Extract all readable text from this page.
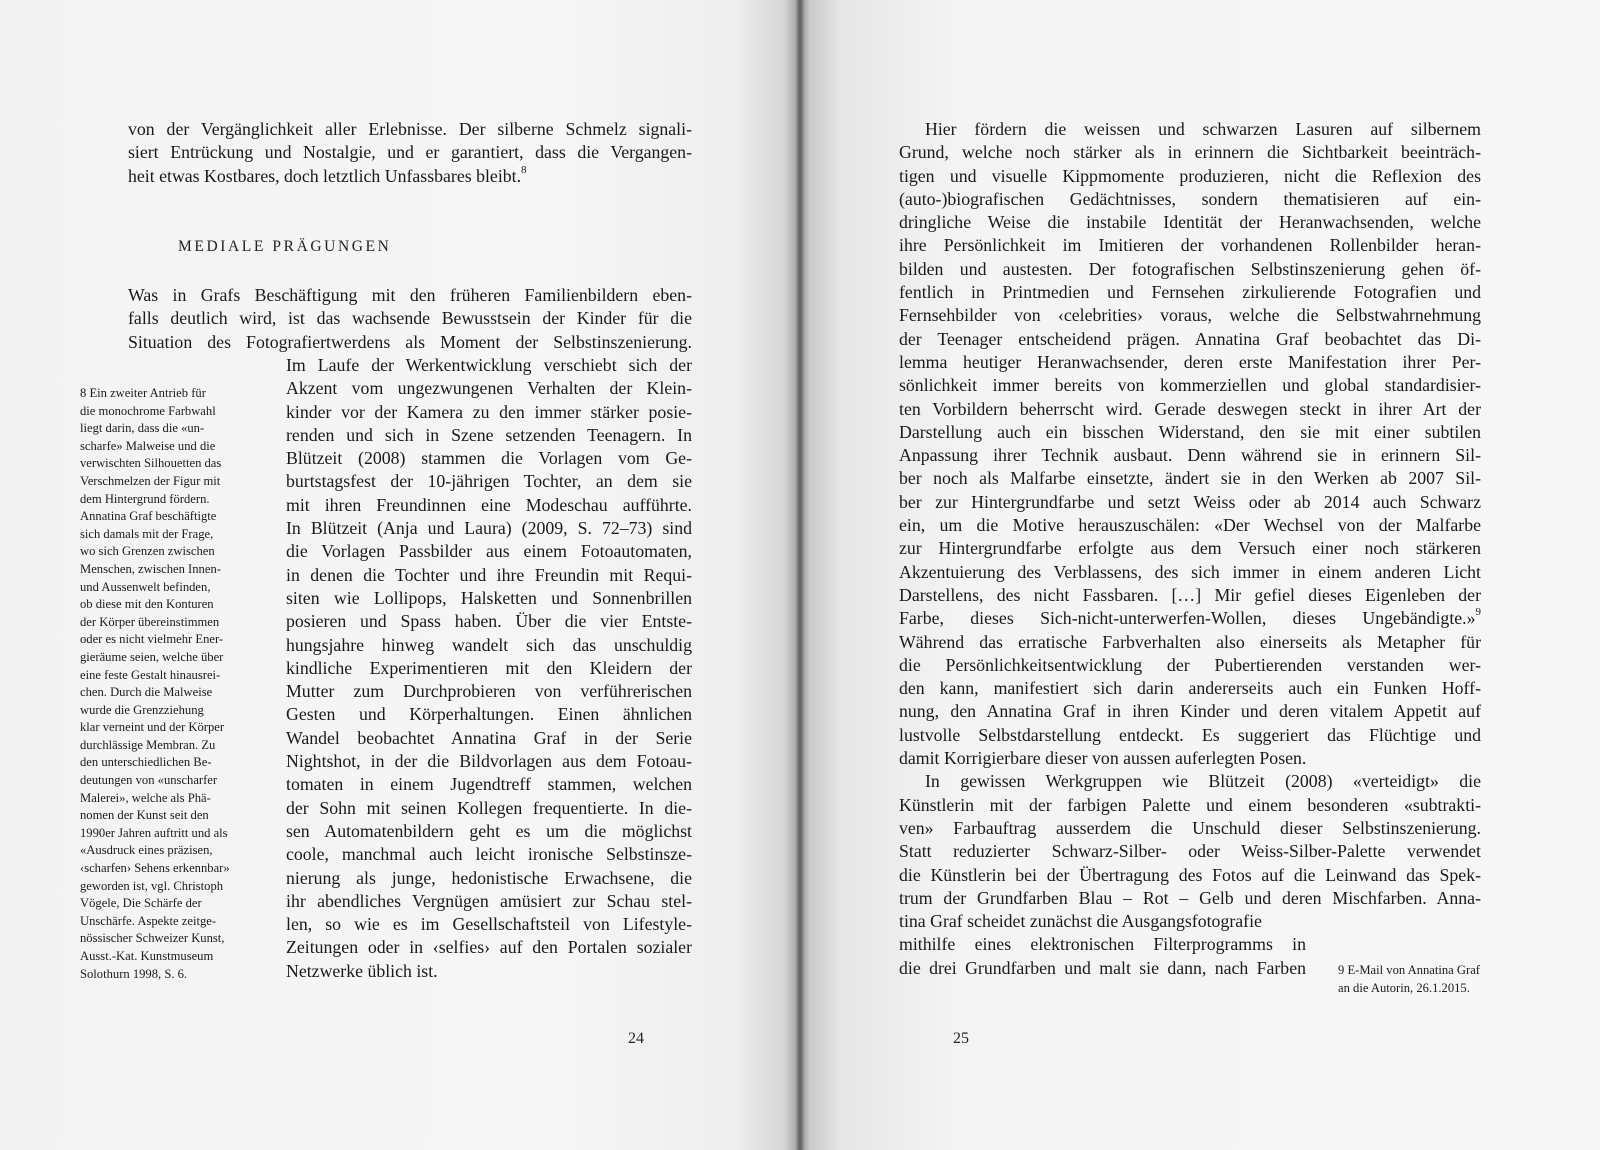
von der Vergänglichkeit aller Erlebnisse. Der silberne Schmelz signali-
siert Entrückung und Nostalgie, und er garantiert, dass die Vergangen-
heit etwas Kostbares, doch letztlich Unfassbares bleibt.$^8$
MEDIALE PRÄGUNGEN
Was in Grafs Beschäftigung mit den früheren Familienbildern eben-
falls deutlich wird, ist das wachsende Bewusstsein der Kinder für die
Situation des Fotografiertwerdens als Moment der Selbstinszenierung.
Im Laufe der Werkentwicklung verschiebt sich der
Akzent vom ungezwungenen Verhalten der Klein-
kinder vor der Kamera zu den immer stärker posie-
renden und sich in Szene setzenden Teenagern. In
Blützeit (2008) stammen die Vorlagen vom Ge-
burtstagsfest der 10-jährigen Tochter, an dem sie
mit ihren Freundinnen eine Modeschau aufführte.
In Blützeit (Anja und Laura) (2009, S. 72–73) sind
die Vorlagen Passbilder aus einem Fotoautomaten,
in denen die Tochter und ihre Freundin mit Requi-
siten wie Lollipops, Halsketten und Sonnenbrillen
posieren und Spass haben. Über die vier Entste-
hungsjahre hinweg wandelt sich das unschuldig
kindliche Experimentieren mit den Kleidern der
Mutter zum Durchprobieren von verführerischen
Gesten und Körperhaltungen. Einen ähnlichen
Wandel beobachtet Annatina Graf in der Serie
Nightshot, in der die Bildvorlagen aus dem Fotoau-
tomaten in einem Jugendtreff stammen, welchen
der Sohn mit seinen Kollegen frequentierte. In die-
sen Automatenbildern geht es um die möglichst
coole, manchmal auch leicht ironische Selbstinsze-
nierung als junge, hedonistische Erwachsene, die
ihr abendliches Vergnügen amüsiert zur Schau stel-
len, so wie es im Gesellschaftsteil von Lifestyle-
Zeitungen oder in ‹selfies› auf den Portalen sozialer
Netzwerke üblich ist.
8 Ein zweiter Antrieb für
die monochrome Farbwahl
liegt darin, dass die «un-
scharfe» Malweise und die
verwischten Silhouetten das
Verschmelzen der Figur mit
dem Hintergrund fördern.
Annatina Graf beschäftigte
sich damals mit der Frage,
wo sich Grenzen zwischen
Menschen, zwischen Innen-
und Aussenwelt befinden,
ob diese mit den Konturen
der Körper übereinstimmen
oder es nicht vielmehr Ener-
gieräume seien, welche über
eine feste Gestalt hinausrei-
chen. Durch die Malweise
wurde die Grenzziehung
klar verneint und der Körper
durchlässige Membran. Zu
den unterschiedlichen Be-
deutungen von «unscharfer
Malerei», welche als Phä-
nomen der Kunst seit den
1990er Jahren auftritt und als
«Ausdruck eines präzisen,
‹scharfen› Sehens erkennbar»
geworden ist, vgl. Christoph
Vögele, Die Schärfe der
Unschärfe. Aspekte zeitge-
nössischer Schweizer Kunst,
Ausst.-Kat. Kunstmuseum
Solothurn 1998, S. 6.
24
Hier fördern die weissen und schwarzen Lasuren auf silbernem
Grund, welche noch stärker als in erinnern die Sichtbarkeit beeinträch-
tigen und visuelle Kippmomente produzieren, nicht die Reflexion des
(auto-)biografischen Gedächtnisses, sondern thematisieren auf ein-
dringliche Weise die instabile Identität der Heranwachsenden, welche
ihre Persönlichkeit im Imitieren der vorhandenen Rollenbilder heran-
bilden und austesten. Der fotografischen Selbstinszenierung gehen öf-
fentlich in Printmedien und Fernsehen zirkulierende Fotografien und
Fernsehbilder von ‹celebrities› voraus, welche die Selbstwahrnehmung
der Teenager entscheidend prägen. Annatina Graf beobachtet das Di-
lemma heutiger Heranwachsender, deren erste Manifestation ihrer Per-
sönlichkeit immer bereits von kommerziellen und global standardisier-
ten Vorbildern beherrscht wird. Gerade deswegen steckt in ihrer Art der
Darstellung auch ein bisschen Widerstand, den sie mit einer subtilen
Anpassung ihrer Technik ausbaut. Denn während sie in erinnern Sil-
ber noch als Malfarbe einsetzte, ändert sie in den Werken ab 2007 Sil-
ber zur Hintergrundfarbe und setzt Weiss oder ab 2014 auch Schwarz
ein, um die Motive herauszuschälen: «Der Wechsel von der Malfarbe
zur Hintergrundfarbe erfolgte aus dem Versuch einer noch stärkeren
Akzentuierung des Verblassens, des sich immer in einem anderen Licht
Darstellens, des nicht Fassbaren. […] Mir gefiel dieses Eigenleben der
Farbe, dieses Sich-nicht-unterwerfen-Wollen, dieses Ungebändigte.»$^9$
Während das erratische Farbverhalten also einerseits als Metapher für
die Persönlichkeitsentwicklung der Pubertierenden verstanden wer-
den kann, manifestiert sich darin andererseits auch ein Funken Hoff-
nung, den Annatina Graf in ihren Kinder und deren vitalem Appetit auf
lustvolle Selbstdarstellung entdeckt. Es suggeriert das Flüchtige und
damit Korrigierbare dieser von aussen auferlegten Posen.
In gewissen Werkgruppen wie Blützeit (2008) «verteidigt» die
Künstlerin mit der farbigen Palette und einem besonderen «subtrakti-
ven» Farbauftrag ausserdem die Unschuld dieser Selbstinszenierung.
Statt reduzierter Schwarz-Silber- oder Weiss-Silber-Palette verwendet
die Künstlerin bei der Übertragung des Fotos auf die Leinwand das Spek-
trum der Grundfarben Blau – Rot – Gelb und deren Mischfarben. Anna-
tina Graf scheidet zunächst die Ausgangsfotografie
mithilfe eines elektronischen Filterprogramms in
die drei Grundfarben und malt sie dann, nach Farben	9 E-Mail von Annatina Graf
an die Autorin, 26.1.2015.
25
